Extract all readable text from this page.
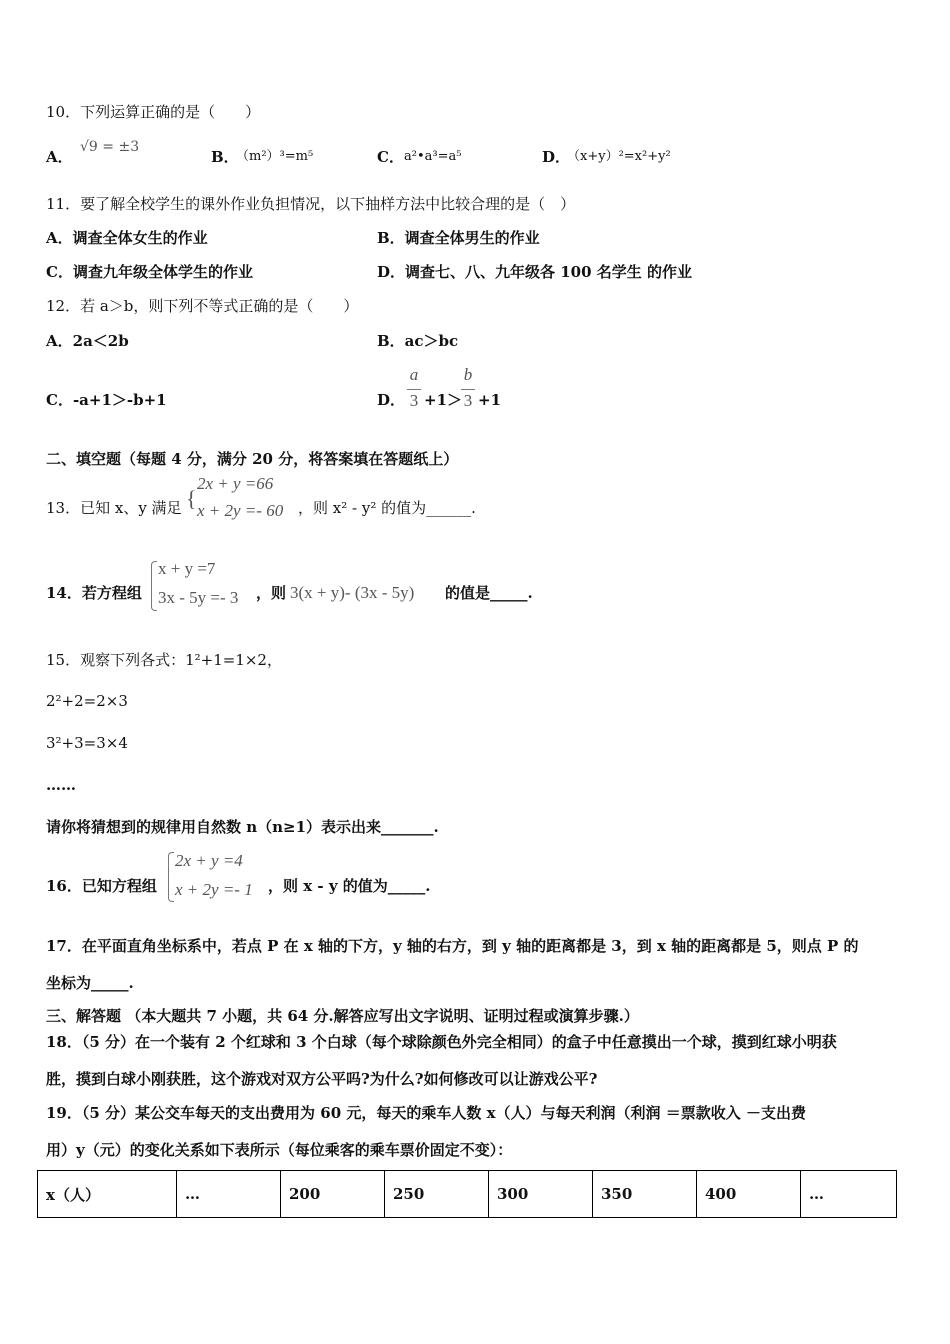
10．下列运算正确的是（　　）
A．
√9 = ±3
B．
（m²）³=m⁵	C． a²•a³=a⁵	D．
（x+y）²=x²+y²
11．要了解全校学生的课外作业负担情况，以下抽样方法中比较合理的是（　）
A．调查全体女生的作业	B．调查全体男生的作业
C．调查九年级全体学生的作业	D．调查七、八、九年级各 100 名学生 的作业
12．若 a＞b，则下列不等式正确的是（　　）
A．2a＜2b	B．ac＞bc
C．-a+1＞-b+1	D．
a
3 +1＞
b
3 +1
二、填空题（每题 4 分，满分 20 分，将答案填在答题纸上）
13．已知 x、y 满足 {
2x + y =66
x + 2y =- 60 ，则 x² - y² 的值为______.
14．若方程组
x + y =7
3x - 5y =- 3 ，则 3(x + y)- (3x - 5y) 的值是_____.
15．观察下列各式：1²+1=1×2，
2²+2=2×3
3²+3=3×4
……
请你将猜想到的规律用自然数 n（n≥1）表示出来_______.
16．已知方程组
2x + y =4
x + 2y =- 1 ，则 x - y 的值为_____.
17．在平面直角坐标系中，若点 P 在 x 轴的下方，y 轴的右方，到 y 轴的距离都是 3，到 x 轴的距离都是 5，则点 P 的
坐标为_____.
三、解答题 （本大题共 7 小题，共 64 分.解答应写出文字说明、证明过程或演算步骤.）
18．（5 分）在一个装有 2 个红球和 3 个白球（每个球除颜色外完全相同）的盒子中任意摸出一个球，摸到红球小明获
胜，摸到白球小刚获胜，这个游戏对双方公平吗?为什么?如何修改可以让游戏公平?
19．（5 分）某公交车每天的支出费用为 60 元，每天的乘车人数 x（人）与每天利润（利润 ＝票款收入 －支出费
用）y（元）的变化关系如下表所示（每位乘客的乘车票价固定不变）：
x（人）	…	200	250	300	350	400	…
